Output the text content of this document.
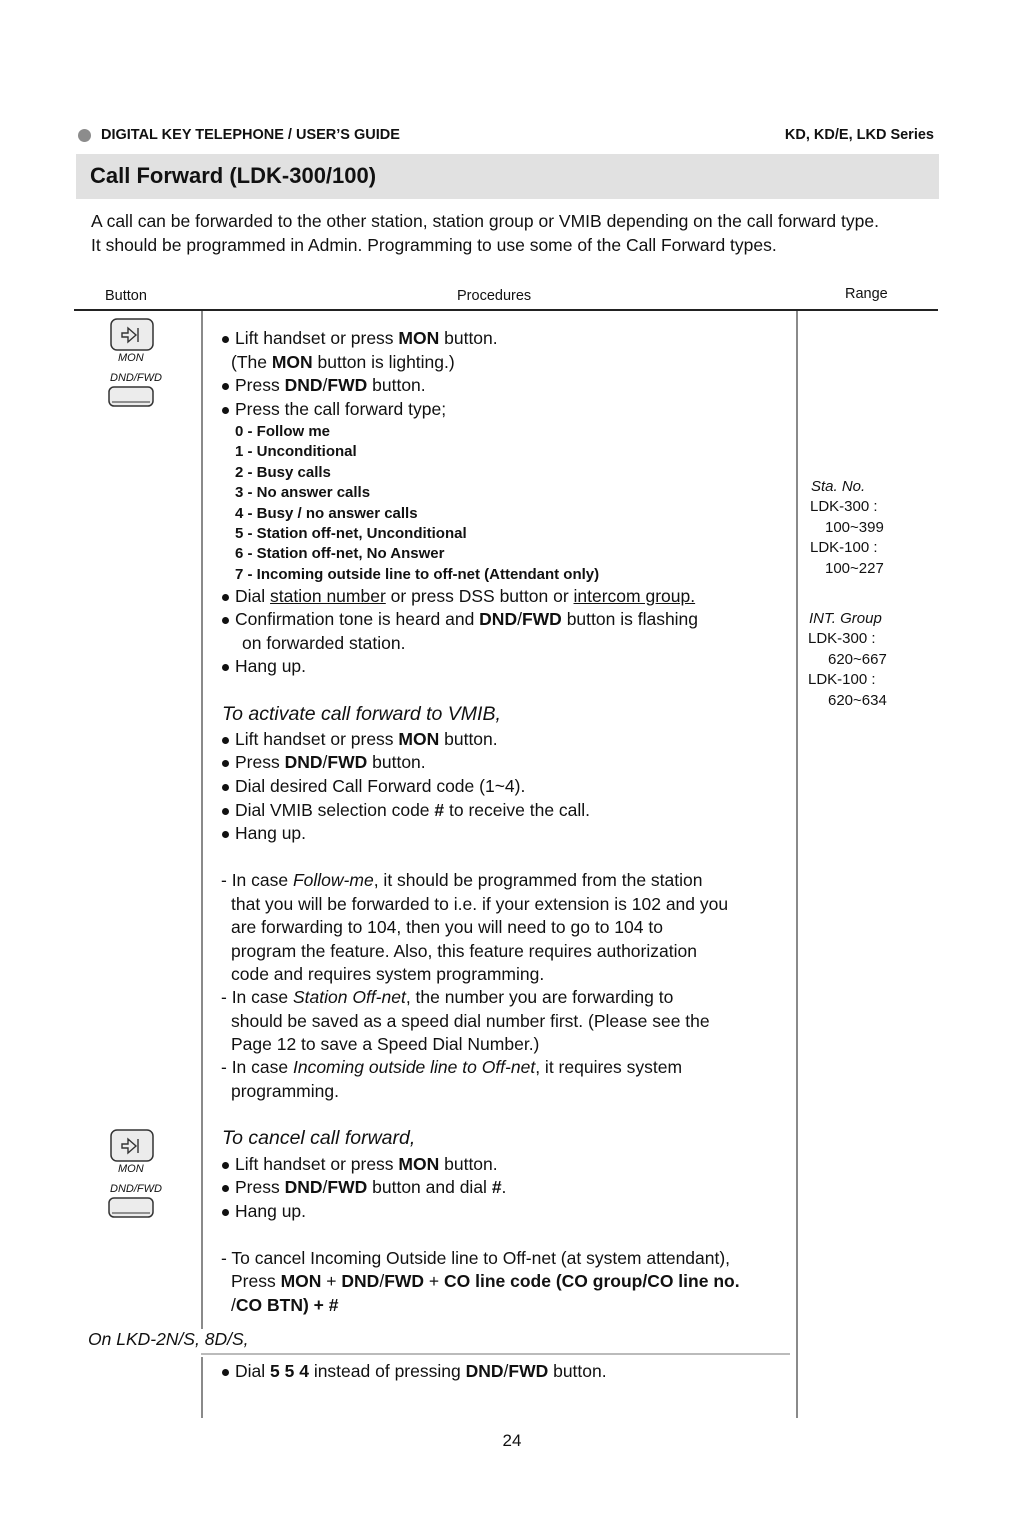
DIGITAL KEY TELEPHONE / USER’S GUIDE	KD, KD/E, LKD Series
Call Forward (LDK-300/100)
A call can be forwarded to the other station, station group or VMIB depending on the call forward type. It should be programmed in Admin. Programming to use some of the Call Forward types.
Button	Procedures	Range
MON
DND/FWD
MON
DND/FWD
Lift handset or press MON button.
(The MON button is lighting.)
Press DND/FWD button.
Press the call forward type;
0 - Follow me
1 - Unconditional
2 - Busy calls
3 - No answer calls
4 - Busy / no answer calls
5 - Station off-net, Unconditional
6 - Station off-net, No Answer
7 - Incoming outside line to off-net (Attendant only)
Dial station number or press DSS button or intercom group.
Confirmation tone is heard and DND/FWD button is flashing
on forwarded station.
Hang up.
To activate call forward to VMIB,
Lift handset or press MON button.
Press DND/FWD button.
Dial desired Call Forward code (1~4).
Dial VMIB selection code # to receive the call.
Hang up.
- In case Follow-me, it should be programmed from the station
that you will be forwarded to i.e. if your extension is 102 and you
are forwarding to 104, then you will need to go to 104 to
program the feature. Also, this feature requires authorization
code and requires system programming.
- In case Station Off-net, the number you are forwarding to
should be saved as a speed dial number first. (Please see the
Page 12 to save a Speed Dial Number.)
- In case Incoming outside line to Off-net, it requires system
programming.
To cancel call forward,
Lift handset or press MON button.
Press DND/FWD button and dial #.
Hang up.
- To cancel Incoming Outside line to Off-net (at system attendant),
Press MON + DND/FWD + CO line code (CO group/CO line no.
/CO BTN) + #
On LKD-2N/S, 8D/S,
Dial 5 5 4 instead of pressing DND/FWD button.
Sta. No.
LDK-300 :
100~399
LDK-100 :
100~227
INT. Group
LDK-300 :
620~667
LDK-100 :
620~634
24
